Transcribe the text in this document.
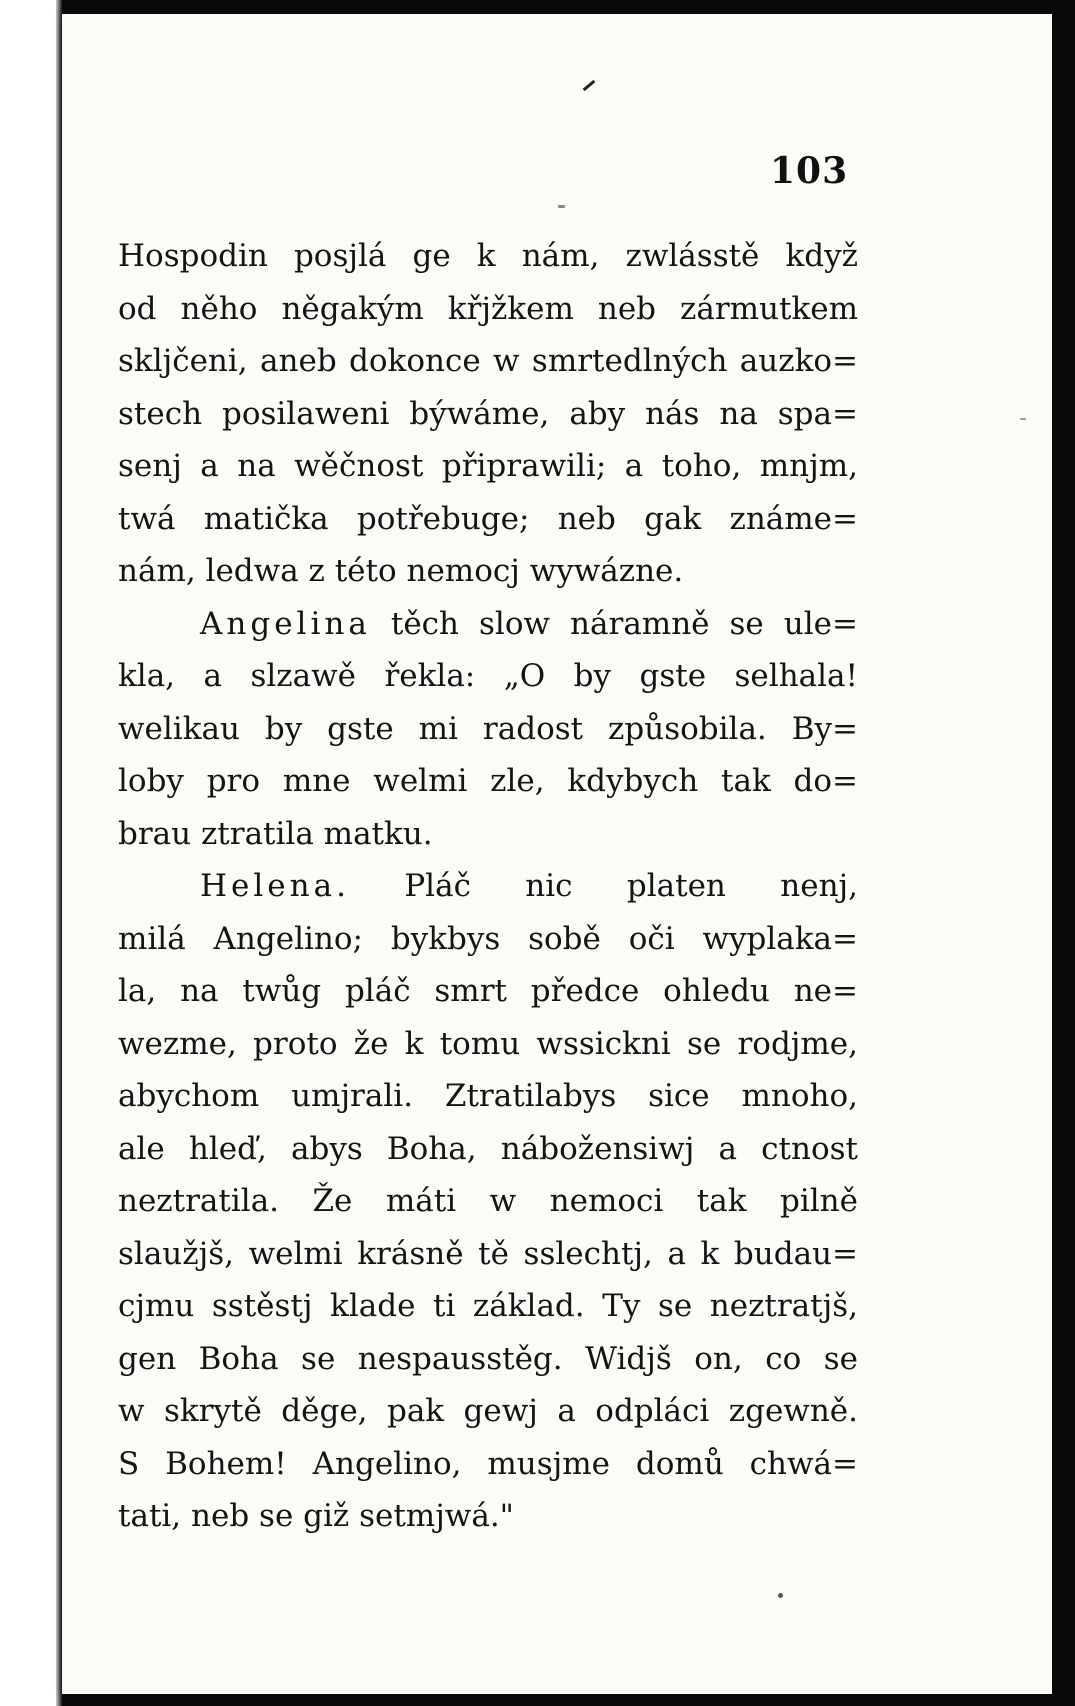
103
Hospodin posjlá ge k nám, zwlásstě když
od něho něgakým křjžkem neb zármutkem
skljčeni, aneb dokonce w smrtedlných auzko=
stech posilaweni býwáme, aby nás na spa=
senj a na wěčnost připrawili; a toho, mnjm,
twá matička potřebuge; neb gak známe=
nám, ledwa z této nemocj wywázne.
Angelina těch slow náramně se ule=
kla, a slzawě řekla: „O by gste selhala!
welikau by gste mi radost způsobila. By=
loby pro mne welmi zle, kdybych tak do=
brau ztratila matku.
Helena. Pláč nic platen nenj,
milá Angelino; bykbys sobě oči wyplaka=
la, na twůg pláč smrt předce ohledu ne=
wezme, proto že k tomu wssickni se rodjme,
abychom umjrali. Ztratilabys sice mnoho,
ale hleď, abys Boha, nábožensiwj a ctnost
neztratila. Že máti w nemoci tak pilně
slaužjš, welmi krásně tě sslechtj, a k budau=
cjmu sstěstj klade ti základ. Ty se neztratjš,
gen Boha se nespausstěg. Widjš on, co se
w skrytě děge, pak gewj a odpláci zgewně.
S Bohem! Angelino, musjme domů chwá=
tati, neb se giž setmjwá."
